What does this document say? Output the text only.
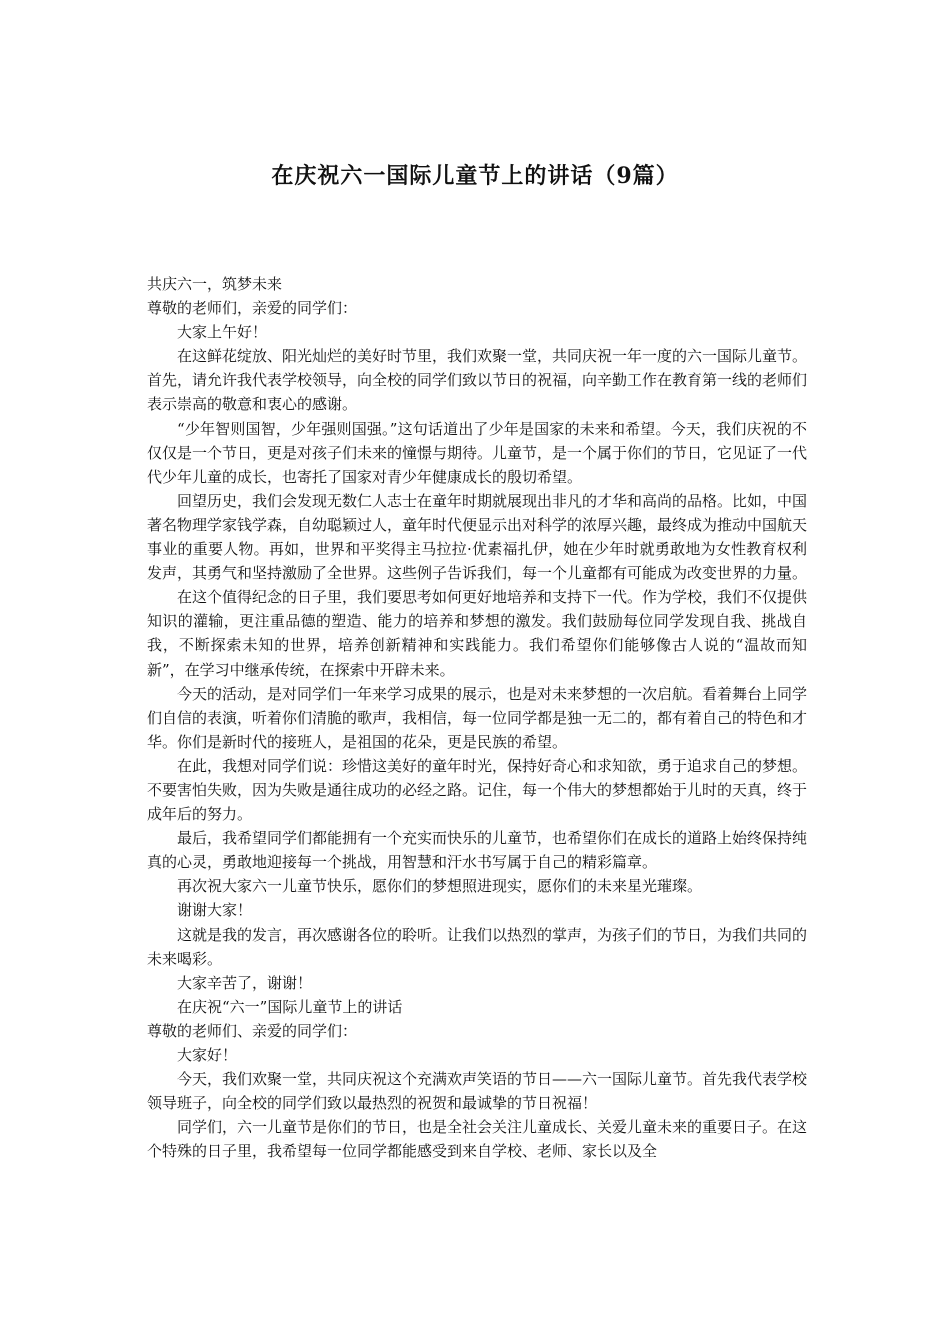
在庆祝六一国际儿童节上的讲话（9篇）

共庆六一，筑梦未来

尊敬的老师们，亲爱的同学们：

大家上午好！

在这鲜花绽放、阳光灿烂的美好时节里，我们欢聚一堂，共同庆祝一年一度的六一国际儿童节。首先，请允许我代表学校领导，向全校的同学们致以节日的祝福，向辛勤工作在教育第一线的老师们表示崇高的敬意和衷心的感谢。

“少年智则国智，少年强则国强。”这句话道出了少年是国家的未来和希望。今天，我们庆祝的不仅仅是一个节日，更是对孩子们未来的憧憬与期待。儿童节，是一个属于你们的节日，它见证了一代代少年儿童的成长，也寄托了国家对青少年健康成长的殷切希望。

回望历史，我们会发现无数仁人志士在童年时期就展现出非凡的才华和高尚的品格。比如，中国著名物理学家钱学森，自幼聪颖过人，童年时代便显示出对科学的浓厚兴趣，最终成为推动中国航天事业的重要人物。再如，世界和平奖得主马拉拉·优素福扎伊，她在少年时就勇敢地为女性教育权利发声，其勇气和坚持激励了全世界。这些例子告诉我们，每一个儿童都有可能成为改变世界的力量。

在这个值得纪念的日子里，我们要思考如何更好地培养和支持下一代。作为学校，我们不仅提供知识的灌输，更注重品德的塑造、能力的培养和梦想的激发。我们鼓励每位同学发现自我、挑战自我，不断探索未知的世界，培养创新精神和实践能力。我们希望你们能够像古人说的“温故而知新”，在学习中继承传统，在探索中开辟未来。

今天的活动，是对同学们一年来学习成果的展示，也是对未来梦想的一次启航。看着舞台上同学们自信的表演，听着你们清脆的歌声，我相信，每一位同学都是独一无二的，都有着自己的特色和才华。你们是新时代的接班人，是祖国的花朵，更是民族的希望。

在此，我想对同学们说：珍惜这美好的童年时光，保持好奇心和求知欲，勇于追求自己的梦想。不要害怕失败，因为失败是通往成功的必经之路。记住，每一个伟大的梦想都始于儿时的天真，终于成年后的努力。

最后，我希望同学们都能拥有一个充实而快乐的儿童节，也希望你们在成长的道路上始终保持纯真的心灵，勇敢地迎接每一个挑战，用智慧和汗水书写属于自己的精彩篇章。

再次祝大家六一儿童节快乐，愿你们的梦想照进现实，愿你们的未来星光璀璨。

谢谢大家！

这就是我的发言，再次感谢各位的聆听。让我们以热烈的掌声，为孩子们的节日，为我们共同的未来喝彩。

大家辛苦了，谢谢！

在庆祝“六一”国际儿童节上的讲话

尊敬的老师们、亲爱的同学们：

大家好！

今天，我们欢聚一堂，共同庆祝这个充满欢声笑语的节日——六一国际儿童节。首先我代表学校领导班子，向全校的同学们致以最热烈的祝贺和最诚挚的节日祝福！

同学们，六一儿童节是你们的节日，也是全社会关注儿童成长、关爱儿童未来的重要日子。在这个特殊的日子里，我希望每一位同学都能感受到来自学校、老师、家长以及全
